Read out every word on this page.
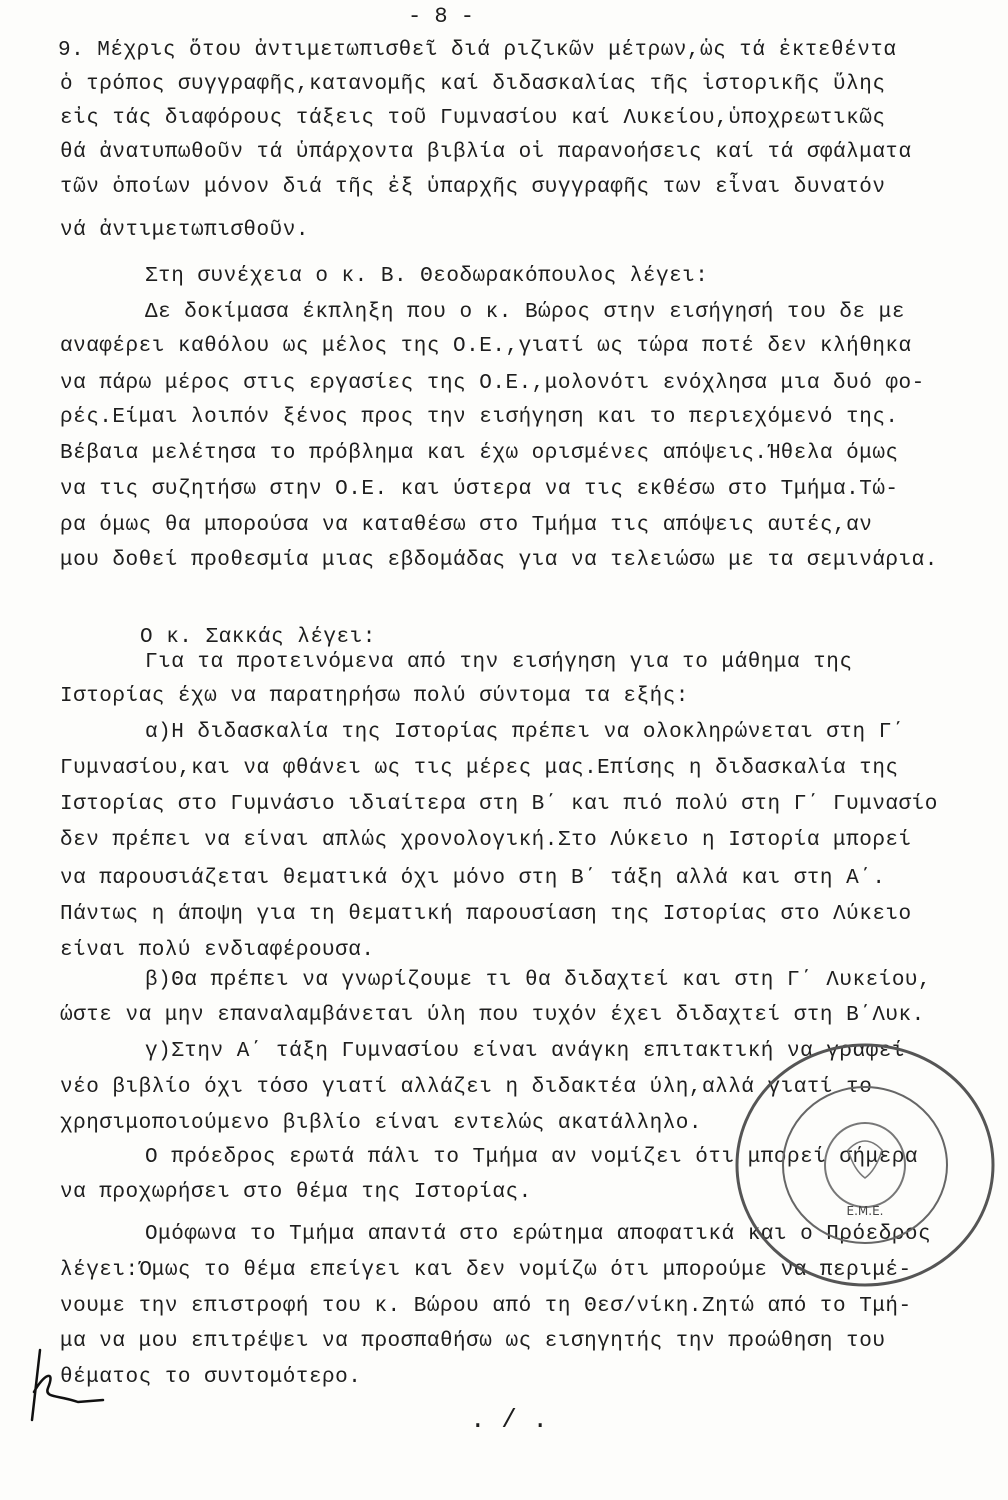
- 8 -
9. Μέχρις ὅτου ἀντιμετωπισθεῖ διά ριζικῶν μέτρων,ὡς τά ἐκτεθέντα
ὁ τρόπος συγγραφῆς,κατανομῆς καί διδασκαλίας τῆς ἱστορικῆς ὕλης
εἰς τάς διαφόρους τάξεις τοῦ Γυμνασίου καί Λυκείου,ὑποχρεωτικῶς
θά ἀνατυπωθοῦν τά ὑπάρχοντα βιβλία οἱ παρανοήσεις καί τά σφάλματα
τῶν ὁποίων μόνον διά τῆς ἐξ ὑπαρχῆς συγγραφῆς των εἶναι δυνατόν
νά ἀντιμετωπισθοῦν.
Στη συνέχεια ο κ. Β. Θεοδωρακόπουλος λέγει:
Δε δοκίμασα έκπληξη που ο κ. Βώρος στην εισήγησή του δε με
αναφέρει καθόλου ως μέλος της Ο.Ε.,γιατί ως τώρα ποτέ δεν κλήθηκα
να πάρω μέρος στις εργασίες της Ο.Ε.,μολονότι ενόχλησα μια δυό φο-
ρές.Είμαι λοιπόν ξένος προς την εισήγηση και το περιεχόμενό της.
Βέβαια μελέτησα το πρόβλημα και έχω ορισμένες απόψεις.Ήθελα όμως
να τις συζητήσω στην Ο.Ε. και ύστερα να τις εκθέσω στο Τμήμα.Τώ-
ρα όμως θα μπορούσα να καταθέσω στο Τμήμα τις απόψεις αυτές,αν
μου δοθεί προθεσμία μιας εβδομάδας για να τελειώσω με τα σεμινάρια.
Ο κ. Σακκάς λέγει:
Για τα προτεινόμενα από την εισήγηση για το μάθημα της
Ιστορίας έχω να παρατηρήσω πολύ σύντομα τα εξής:
α)Η διδασκαλία της Ιστορίας πρέπει να ολοκληρώνεται στη Γ΄
Γυμνασίου,και να φθάνει ως τις μέρες μας.Επίσης η διδασκαλία της
Ιστορίας στο Γυμνάσιο ιδιαίτερα στη Β΄ και πιό πολύ στη Γ΄ Γυμνασίο
δεν πρέπει να είναι απλώς χρονολογική.Στο Λύκειο η Ιστορία μπορεί
να παρουσιάζεται θεματικά όχι μόνο στη Β΄ τάξη αλλά και στη Α΄.
Πάντως η άποψη για τη θεματική παρουσίαση της Ιστορίας στο Λύκειο
είναι πολύ ενδιαφέρουσα.
β)Θα πρέπει να γνωρίζουμε τι θα διδαχτεί και στη Γ΄ Λυκείου,
ώστε να μην επαναλαμβάνεται ύλη που τυχόν έχει διδαχτεί στη Β΄Λυκ.
γ)Στην Α΄ τάξη Γυμνασίου είναι ανάγκη επιτακτική να γραφεί
νέο βιβλίο όχι τόσο γιατί αλλάζει η διδακτέα ύλη,αλλά γιατί το
χρησιμοποιούμενο βιβλίο είναι εντελώς ακατάλληλο.
Ο πρόεδρος ερωτά πάλι το Τμήμα αν νομίζει ότι μπορεί σήμερα
να προχωρήσει στο θέμα της Ιστορίας.
Ομόφωνα το Τμήμα απαντά στο ερώτημα αποφατικά και ο Πρόεδρος
λέγει:Όμως το θέμα επείγει και δεν νομίζω ότι μπορούμε να περιμέ-
νουμε την επιστροφή του κ. Βώρου από τη Θεσ/νίκη.Ζητώ από το Τμή-
μα να μου επιτρέψει να προσπαθήσω ως εισηγητής την προώθηση του
θέματος το συντομότερο.
. / .
Ε.Μ.Ε.
